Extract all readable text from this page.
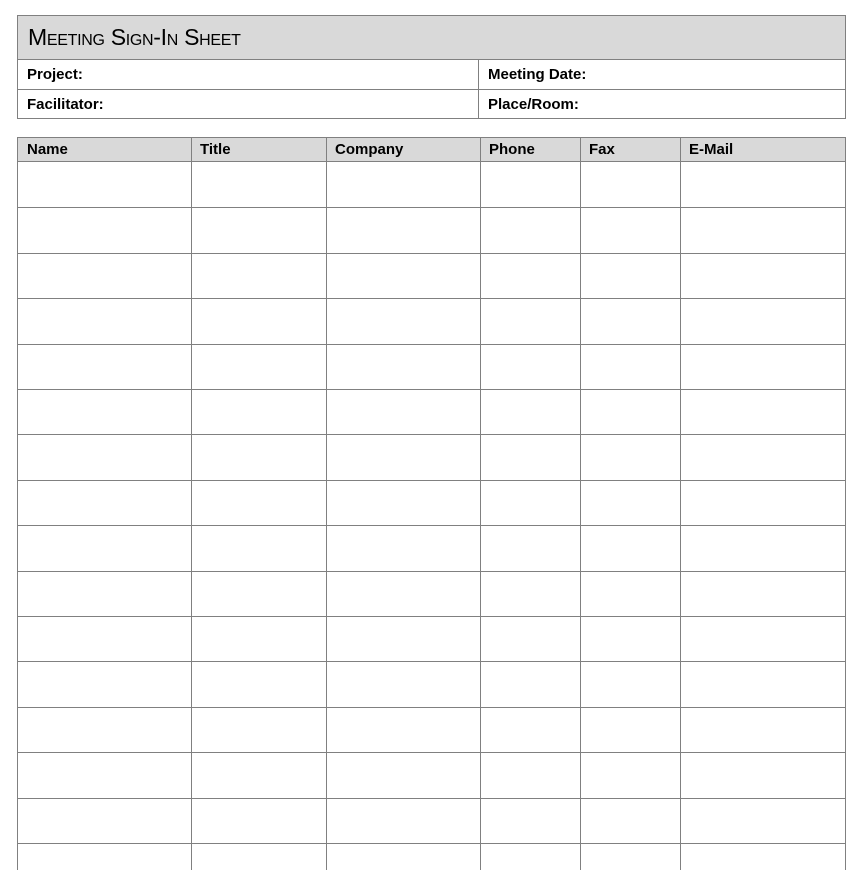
Meeting Sign-In Sheet
Project:	Meeting Date:
Facilitator:	Place/Room:
Name	Title	Company	Phone	Fax	E-Mail
